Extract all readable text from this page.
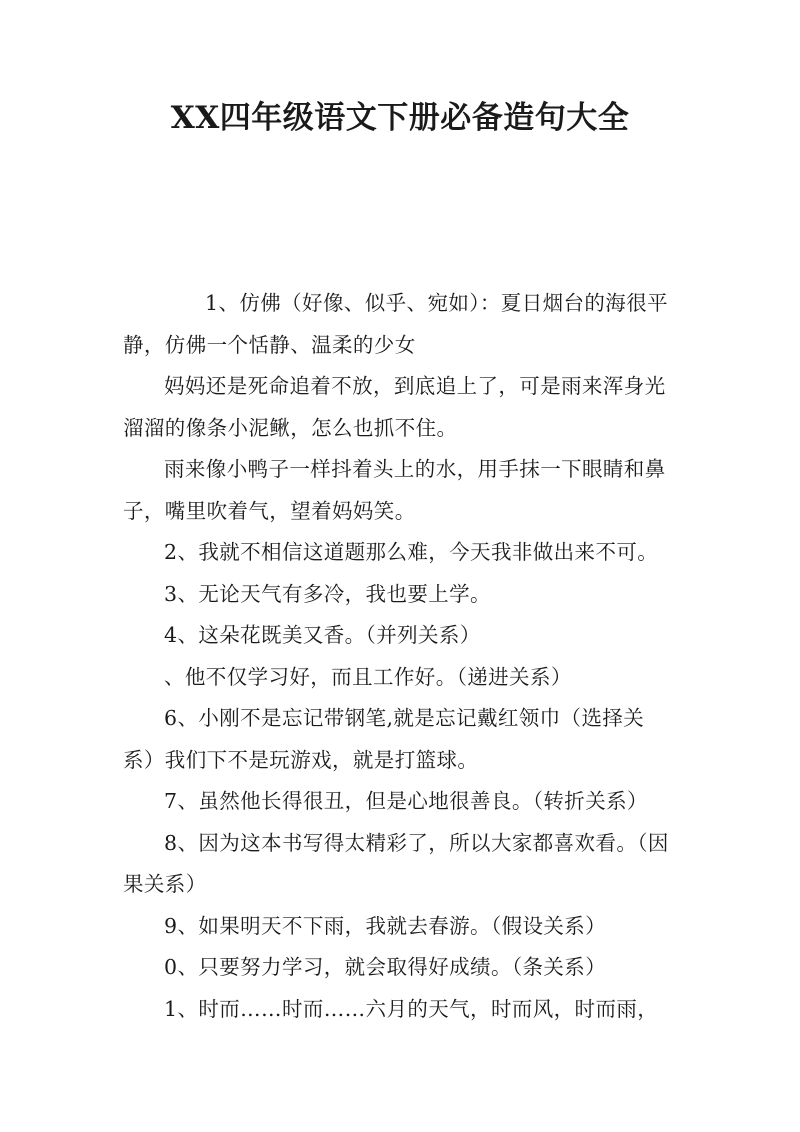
XX四年级语文下册必备造句大全

1、仿佛（好像、似乎、宛如）：夏日烟台的海很平静，仿佛一个恬静、温柔的少女

妈妈还是死命追着不放，到底追上了，可是雨来浑身光溜溜的像条小泥鳅，怎么也抓不住。

雨来像小鸭子一样抖着头上的水，用手抹一下眼睛和鼻子，嘴里吹着气，望着妈妈笑。

2、我就不相信这道题那么难，今天我非做出来不可。

3、无论天气有多冷，我也要上学。

4、这朵花既美又香。（并列关系）

、他不仅学习好，而且工作好。（递进关系）

6、小刚不是忘记带钢笔,就是忘记戴红领巾（选择关系）我们下不是玩游戏，就是打篮球。

7、虽然他长得很丑，但是心地很善良。（转折关系）

8、因为这本书写得太精彩了，所以大家都喜欢看。（因果关系）

9、如果明天不下雨，我就去春游。（假设关系）

0、只要努力学习，就会取得好成绩。（条关系）

1、时而……时而……六月的天气，时而风，时而雨，
